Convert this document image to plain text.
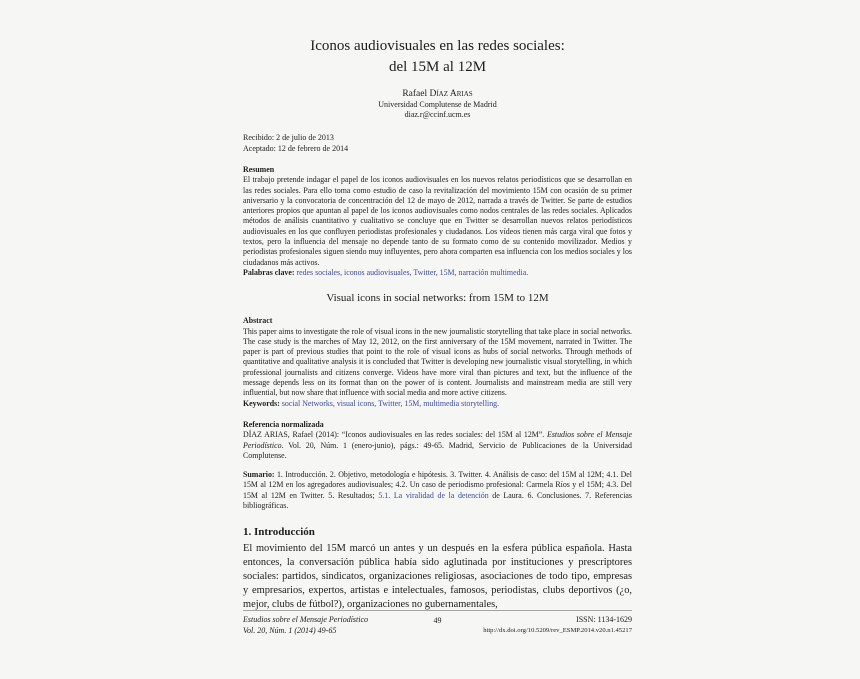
Iconos audiovisuales en las redes sociales:
del 15M al 12M
Rafael Díaz Arias
Universidad Complutense de Madrid
diaz.r@ccinf.ucm.es
Recibido: 2 de julio de 2013
Aceptado: 12 de febrero de 2014
Resumen
El trabajo pretende indagar el papel de los iconos audiovisuales en los nuevos relatos periodísticos que se desarrollan en las redes sociales. Para ello toma como estudio de caso la revitalización del movimiento 15M con ocasión de su primer aniversario y la convocatoria de concentración del 12 de mayo de 2012, narrada a través de Twitter. Se parte de estudios anteriores propios que apuntan al papel de los iconos audiovisuales como nodos centrales de las redes sociales. Aplicados métodos de análisis cuantitativo y cualitativo se concluye que en Twitter se desarrollan nuevos relatos periodísticos audiovisuales en los que confluyen periodistas profesionales y ciudadanos. Los vídeos tienen más carga viral que fotos y textos, pero la influencia del mensaje no depende tanto de su formato como de su contenido movilizador. Medios y periodistas profesionales siguen siendo muy influyentes, pero ahora comparten esa influencia con los medios sociales y los ciudadanos más activos.
Palabras clave: redes sociales, iconos audiovisuales, Twitter, 15M, narración multimedia.
Visual icons in social networks: from 15M to 12M
Abstract
This paper aims to investigate the role of visual icons in the new journalistic storytelling that take place in social networks. The case study is the marches of May 12, 2012, on the first anniversary of the 15M movement, narrated in Twitter. The paper is part of previous studies that point to the role of visual icons as hubs of social networks. Through methods of quantitative and qualitative analysis it is concluded that Twitter is developing new journalistic visual storytelling, in which professional journalists and citizens converge. Videos have more viral than pictures and text, but the influence of the message depends less on its format than on the power of is content. Journalists and mainstream media are still very influential, but now share that influence with social media and more active citizens.
Keywords: social Networks, visual icons, Twitter, 15M, multimedia storytelling.
Referencia normalizada
DÍAZ ARIAS, Rafael (2014): “Iconos audiovisuales en las redes sociales: del 15M al 12M”. Estudios sobre el Mensaje Periodístico. Vol. 20, Núm. 1 (enero-junio), págs.: 49-65. Madrid, Servicio de Publicaciones de la Universidad Complutense.
Sumario: 1. Introducción. 2. Objetivo, metodología e hipótesis. 3. Twitter. 4. Análisis de caso: del 15M al 12M; 4.1. Del 15M al 12M en los agregadores audiovisuales; 4.2. Un caso de periodismo profesional: Carmela Ríos y el 15M; 4.3. Del 15M al 12M en Twitter. 5. Resultados; 5.1. La viralidad de la detención de Laura. 6. Conclusiones. 7. Referencias bibliográficas.
1. Introducción

El movimiento del 15M marcó un antes y un después en la esfera pública española. Hasta entonces, la conversación pública había sido aglutinada por instituciones y prescriptores sociales: partidos, sindicatos, organizaciones religiosas, asociaciones de todo tipo, empresas y empresarios, expertos, artistas e intelectuales, famosos, periodistas, clubs deportivos (¿o, mejor, clubs de fútbol?), organizaciones no gubernamentales,

Estudios sobre el Mensaje Periodístico
Vol. 20, Núm. 1 (2014) 49-65
49	ISSN: 1134-1629
http://dx.doi.org/10.5209/rev_ESMP.2014.v20.n1.45217
